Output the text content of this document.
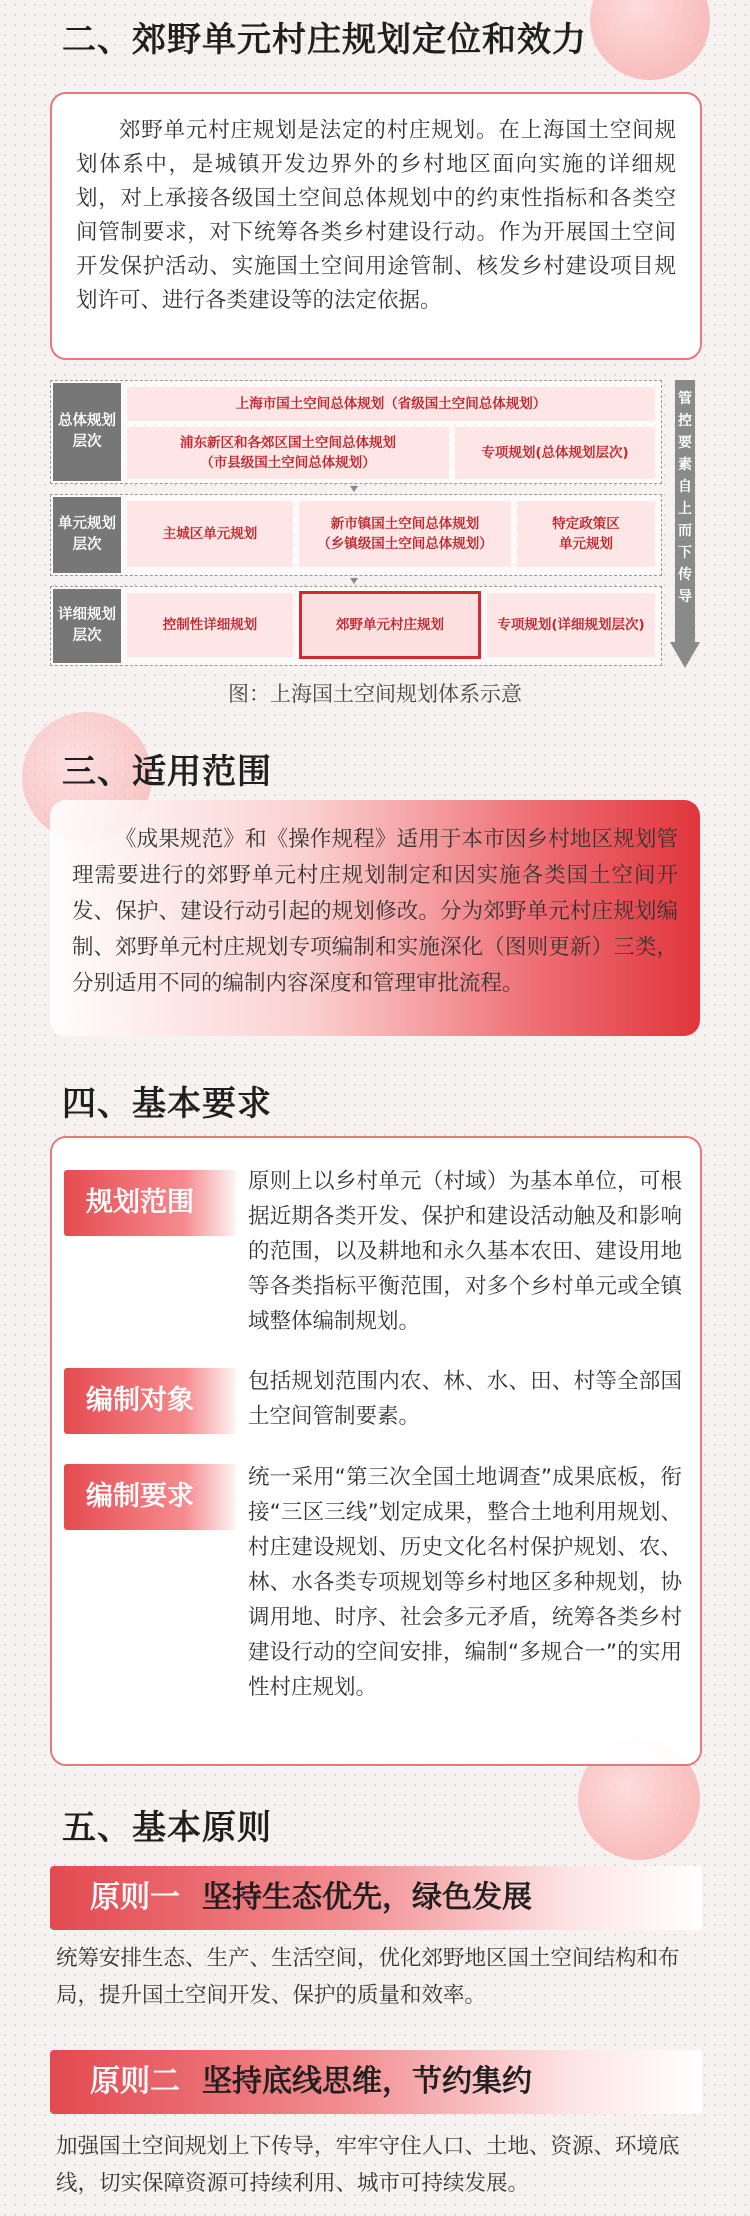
二、郊野单元村庄规划定位和效力

郊野单元村庄规划是法定的村庄规划。在上海国土空间规划体系中，是城镇开发边界外的乡村地区面向实施的详细规划，对上承接各级国土空间总体规划中的约束性指标和各类空间管制要求，对下统筹各类乡村建设行动。作为开展国土空间开发保护活动、实施国土空间用途管制、核发乡村建设项目规划许可、进行各类建设等的法定依据。

总体规划层次
上海市国土空间总体规划（省级国土空间总体规划）
浦东新区和各郊区国土空间总体规划
（市县级国土空间总体规划）
专项规划(总体规划层次)
单元规划层次
主城区单元规划
新市镇国土空间总体规划
（乡镇级国土空间总体规划）
特定政策区
单元规划
详细规划层次
控制性详细规划	郊野单元村庄规划	专项规划(详细规划层次)
管控要素自上而下传导
图：上海国土空间规划体系示意
三、适用范围

《成果规范》和《操作规程》适用于本市因乡村地区规划管理需要进行的郊野单元村庄规划制定和因实施各类国土空间开发、保护、建设行动引起的规划修改。分为郊野单元村庄规划编制、郊野单元村庄规划专项编制和实施深化（图则更新）三类，分别适用不同的编制内容深度和管理审批流程。

四、基本要求
规划范围
原则上以乡村单元（村域）为基本单位，可根据近期各类开发、保护和建设活动触及和影响的范围，以及耕地和永久基本农田、建设用地等各类指标平衡范围，对多个乡村单元或全镇域整体编制规划。
编制对象
包括规划范围内农、林、水、田、村等全部国土空间管制要素。
编制要求
统一采用“第三次全国土地调查”成果底板，衔接“三区三线”划定成果，整合土地利用规划、村庄建设规划、历史文化名村保护规划、农、林、水各类专项规划等乡村地区多种规划，协调用地、时序、社会多元矛盾，统筹各类乡村建设行动的空间安排，编制“多规合一”的实用性村庄规划。
五、基本原则
原则一 坚持生态优先，绿色发展
统筹安排生态、生产、生活空间，优化郊野地区国土空间结构和布局，提升国土空间开发、保护的质量和效率。
原则二 坚持底线思维，节约集约
加强国土空间规划上下传导，牢牢守住人口、土地、资源、环境底线，切实保障资源可持续利用、城市可持续发展。
